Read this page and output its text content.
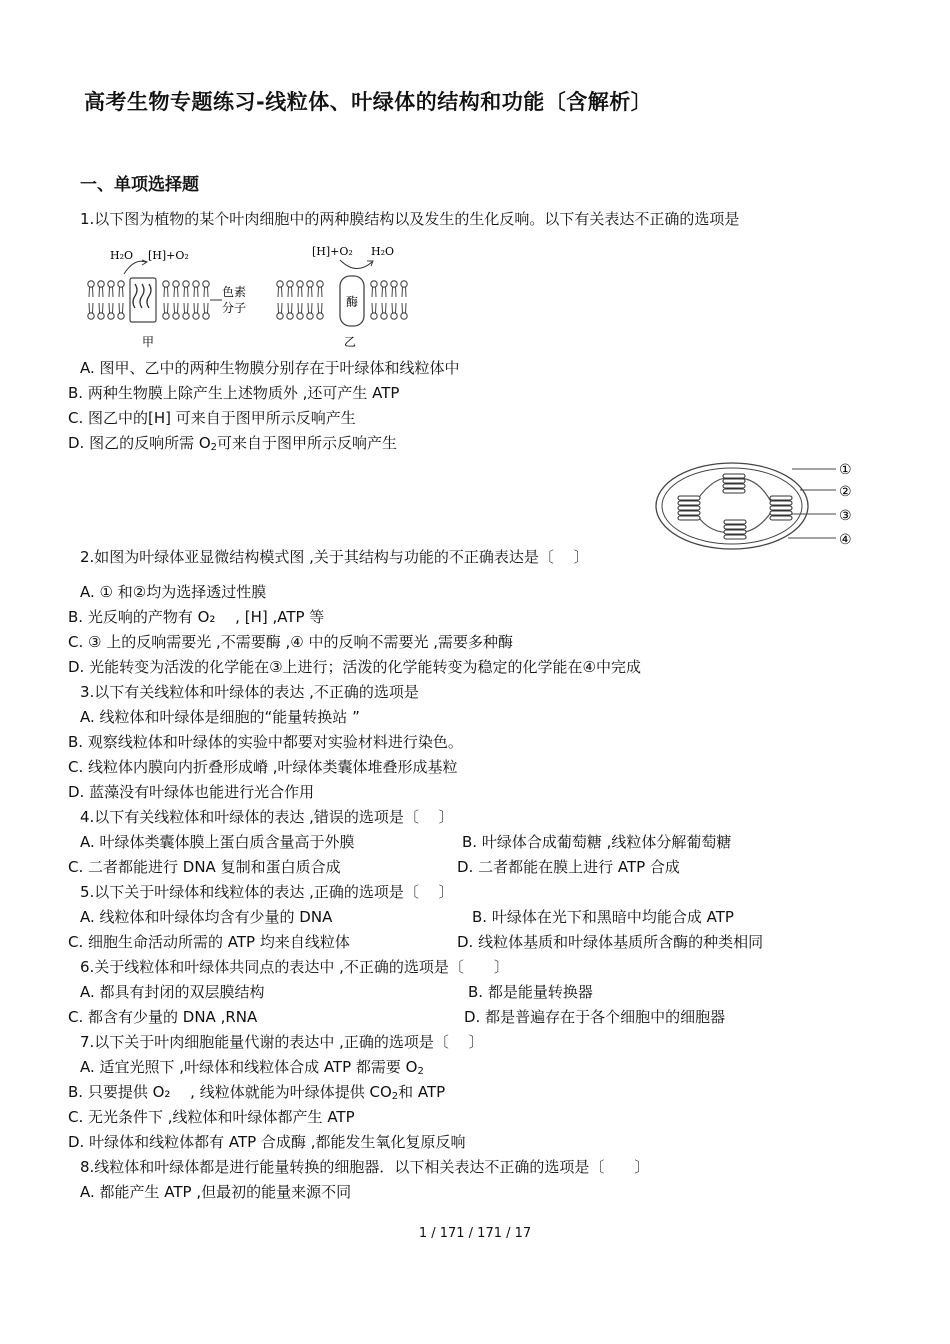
高考生物专题练习-线粒体、叶绿体的结构和功能〔含解析〕
一、单项选择题
1.以下图为植物的某个叶肉细胞中的两种膜结构以及发生的生化反响。以下有关表达不正确的选项是
色素
分子
H₂O [H]+O₂
甲
酶
[H]+O₂ H₂O
乙
A. 图甲、乙中的两种生物膜分别存在于叶绿体和线粒体中
B. 两种生物膜上除产生上述物质外 ,还可产生 ATP
C. 图乙中的[H] 可来自于图甲所示反响产生
D. 图乙的反响所需 $O_2$可来自于图甲所示反响产生
①
②
③
④
2.如图为叶绿体亚显微结构模式图 ,关于其结构与功能的不正确表达是〔　 〕
A. ① 和②均为选择透过性膜
B. 光反响的产物有 O₂　 , [H] ,ATP 等
C. ③ 上的反响需要光 ,不需要酶 ,④ 中的反响不需要光 ,需要多种酶
D. 光能转变为活泼的化学能在③上进行；活泼的化学能转变为稳定的化学能在④中完成
3.以下有关线粒体和叶绿体的表达 ,不正确的选项是
A. 线粒体和叶绿体是细胞的“能量转换站 ”
B. 观察线粒体和叶绿体的实验中都要对实验材料进行染色。
C. 线粒体内膜向内折叠形成嵴 ,叶绿体类囊体堆叠形成基粒
D. 蓝藻没有叶绿体也能进行光合作用
4.以下有关线粒体和叶绿体的表达 ,错误的选项是〔　 〕
A. 叶绿体类囊体膜上蛋白质含量高于外膜	B. 叶绿体合成葡萄糖 ,线粒体分解葡萄糖
C. 二者都能进行 DNA 复制和蛋白质合成	D. 二者都能在膜上进行 ATP 合成
5.以下关于叶绿体和线粒体的表达 ,正确的选项是〔　 〕
A. 线粒体和叶绿体均含有少量的 DNA	B. 叶绿体在光下和黑暗中均能合成 ATP
C. 细胞生命活动所需的 ATP 均来自线粒体	D. 线粒体基质和叶绿体基质所含酶的种类相同
6.关于线粒体和叶绿体共同点的表达中 ,不正确的选项是〔　　〕
A. 都具有封闭的双层膜结构	B. 都是能量转换器
C. 都含有少量的 DNA ,RNA	D. 都是普遍存在于各个细胞中的细胞器
7.以下关于叶肉细胞能量代谢的表达中 ,正确的选项是〔　 〕
A. 适宜光照下 ,叶绿体和线粒体合成 ATP 都需要 $O_2$
B. 只要提供 O₂　 , 线粒体就能为叶绿体提供 $CO_2$和 ATP
C. 无光条件下 ,线粒体和叶绿体都产生 ATP
D. 叶绿体和线粒体都有 ATP 合成酶 ,都能发生氧化复原反响
8.线粒体和叶绿体都是进行能量转换的细胞器．以下相关表达不正确的选项是〔　　〕
A. 都能产生 ATP ,但最初的能量来源不同
1 / 171 / 171 / 17
